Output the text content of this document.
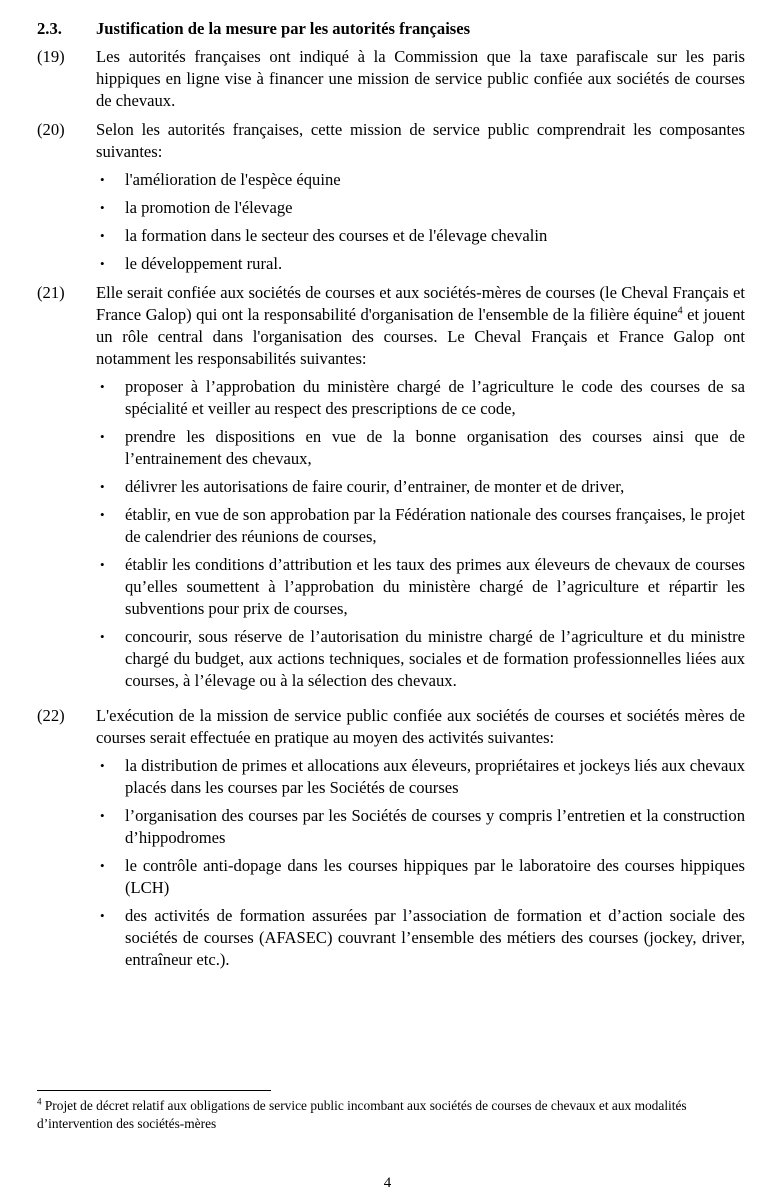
2.3.	Justification de la mesure par les autorités françaises
(19)	Les autorités françaises ont indiqué à la Commission que la taxe parafiscale sur les paris hippiques en ligne vise à financer une mission de service public confiée aux sociétés de courses de chevaux.

(20)	Selon les autorités françaises, cette mission de service public comprendrait les composantes suivantes:

•	l'amélioration de l'espèce équine
•	la promotion de l'élevage
•	la formation dans le secteur des courses et de l'élevage chevalin
•	le développement rural.
(21)	Elle serait confiée aux sociétés de courses et aux sociétés-mères de courses (le Cheval Français et France Galop) qui ont la responsabilité d'organisation de l'ensemble de la filière équine$^4$ et jouent un rôle central dans l'organisation des courses. Le Cheval Français et France Galop ont notamment les responsabilités suivantes:

•	proposer à l’approbation du ministère chargé de l’agriculture le code des courses de sa spécialité et veiller au respect des prescriptions de ce code,
•	prendre les dispositions en vue de la bonne organisation des courses ainsi que de l’entrainement des chevaux,
•	délivrer les autorisations de faire courir, d’entrainer, de monter et de driver,
•	établir, en vue de son approbation par la Fédération nationale des courses françaises, le projet de calendrier des réunions de courses,
•	établir les conditions d’attribution et les taux des primes aux éleveurs de chevaux de courses qu’elles soumettent à l’approbation du ministère chargé de l’agriculture et répartir les subventions pour prix de courses,
•	concourir, sous réserve de l’autorisation du ministre chargé de l’agriculture et du ministre chargé du budget, aux actions techniques, sociales et de formation professionnelles liées aux courses, à l’élevage ou à la sélection des chevaux.
(22)	L'exécution de la mission de service public confiée aux sociétés de courses et sociétés mères de courses serait effectuée en pratique au moyen des activités suivantes:

•	la distribution de primes et allocations aux éleveurs, propriétaires et jockeys liés aux chevaux placés dans les courses par les Sociétés de courses
•	l’organisation des courses par les Sociétés de courses y compris l’entretien et la construction d’hippodromes
•	le contrôle anti-dopage dans les courses hippiques par le laboratoire des courses hippiques (LCH)
•	des activités de formation assurées par l’association de formation et d’action sociale des sociétés de courses (AFASEC) couvrant l’ensemble des métiers des courses (jockey, driver, entraîneur etc.).
$^4$ Projet de décret relatif aux obligations de service public incombant aux sociétés de courses de chevaux et aux modalités d’intervention des sociétés-mères
4
